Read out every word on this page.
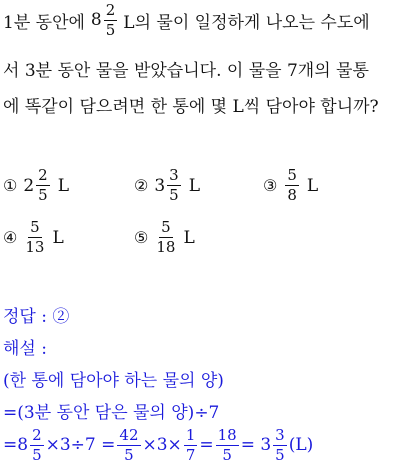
1분 동안에 $8 \frac{2}{5}$ L의 물이 일정하게 나오는 수도에
서 3분 동안 물을 받았습니다. 이 물을 7개의 물통
에 똑같이 담으려면 한 통에 몇 L씩 담아야 합니까?
① $2 \frac{2}{5}$ L	② $3 \frac{3}{5}$ L	③ $\frac{5}{8}$ L
④ $\frac{5}{13}$ L	⑤ $\frac{5}{18}$ L
정답 : ②
해설 :
(한 통에 담아야 하는 물의 양)
=(3분 동안 담은 물의 양)÷7
= $8 \frac{2}{5} \times 3\div 7 = \frac{42}{5} \times 3\times \frac{1}{7} = \frac{18}{5} = 3 \frac{3}{5} (L)$
